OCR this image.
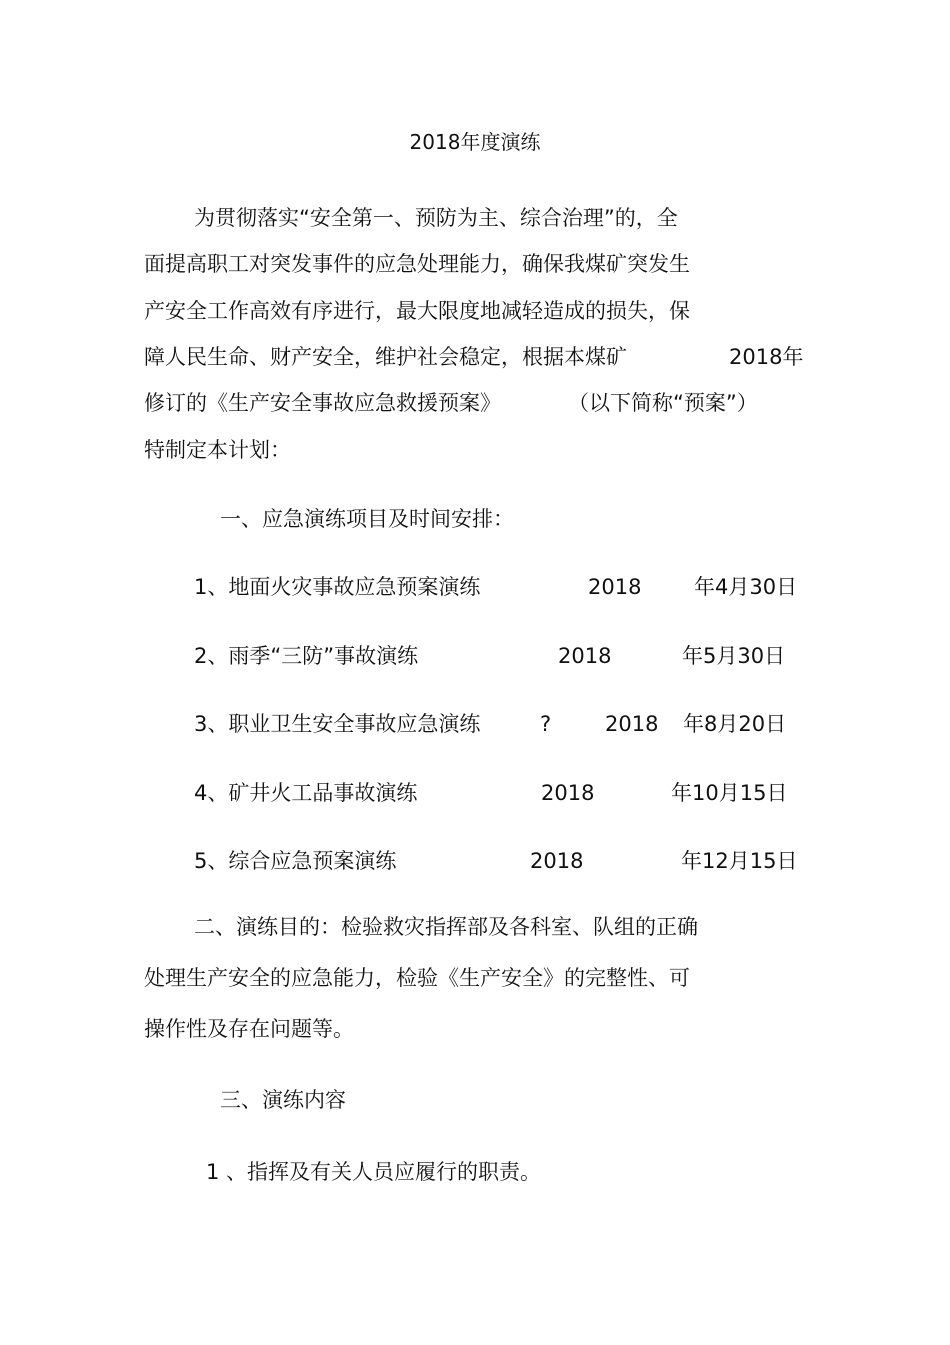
2018年度演练
为贯彻落实“安全第一、预防为主、综合治理”的，全
面提高职工对突发事件的应急处理能力，确保我煤矿突发生
产安全工作高效有序进行，最大限度地减轻造成的损失，保
障人民生命、财产安全，维护社会稳定，根据本煤矿	2018年
修订的《生产安全事故应急救援预案》	（以下简称“预案”）
特制定本计划：
一、应急演练项目及时间安排：
1、地面火灾事故应急预案演练	2018	年4月30日
2、雨季“三防”事故演练	2018	年5月30日
3、职业卫生安全事故应急演练	?	2018 年8月20日
4、矿井火工品事故演练	2018	年10月15日
5、综合应急预案演练	2018	年12月15日
二、演练目的：检验救灾指挥部及各科室、队组的正确
处理生产安全的应急能力，检验《生产安全》的完整性、可
操作性及存在问题等。
三、演练内容
1 、指挥及有关人员应履行的职责。
